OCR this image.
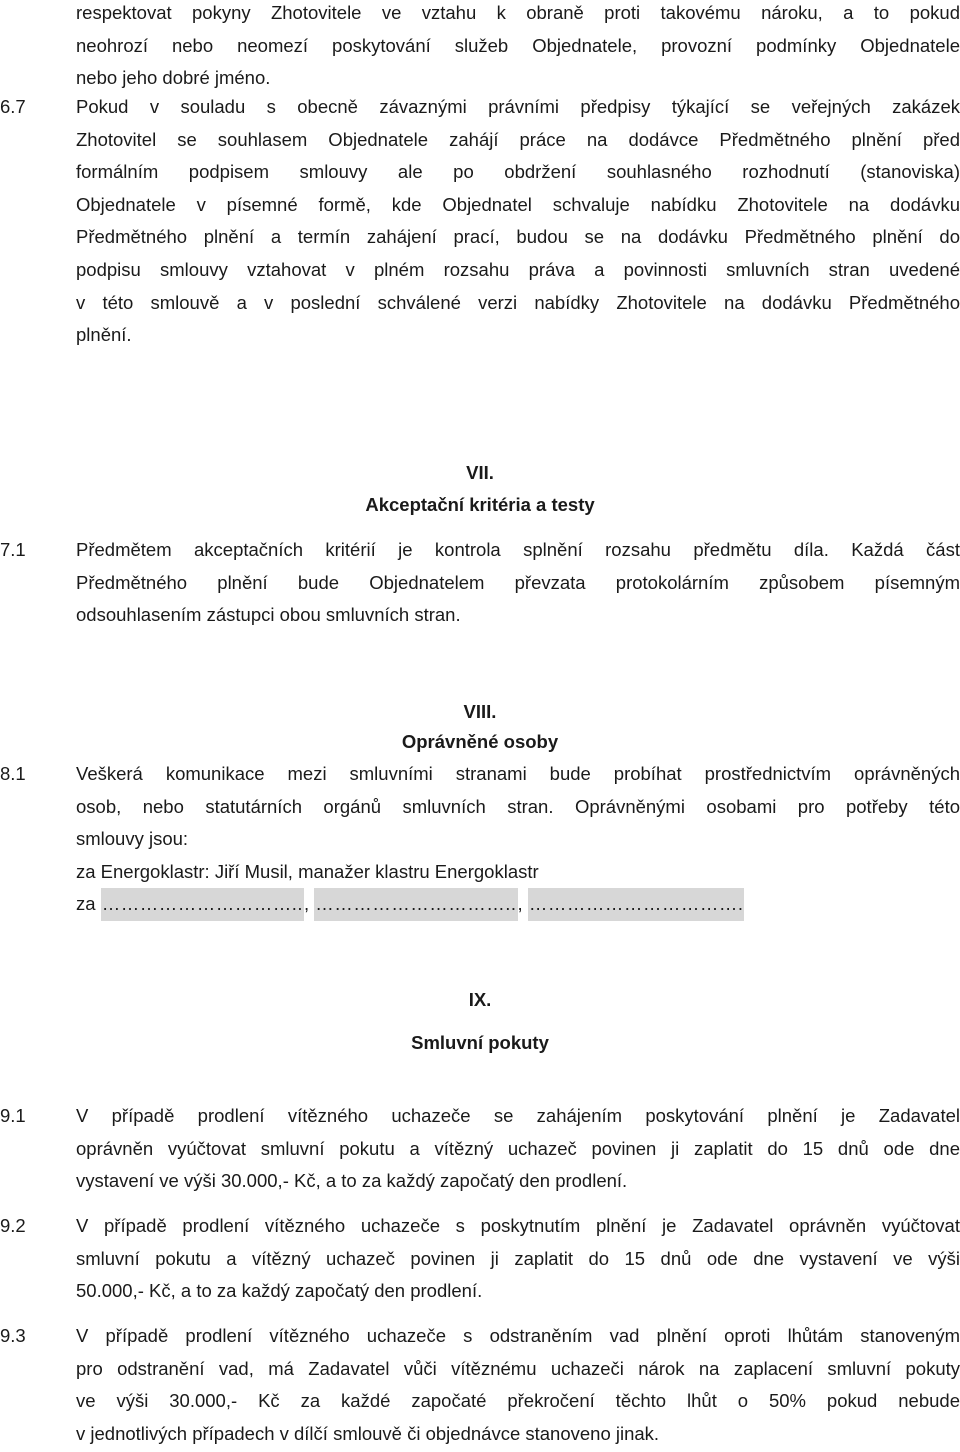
respektovat pokyny Zhotovitele ve vztahu k obraně proti takovému nároku, a to pokud
neohrozí nebo neomezí poskytování služeb Objednatele, provozní podmínky Objednatele
nebo jeho dobré jméno.
6.7	Pokud v souladu s obecně závaznými právními předpisy týkající se veřejných zakázek
Zhotovitel se souhlasem Objednatele zahájí práce na dodávce Předmětného plnění před
formálním podpisem smlouvy ale po obdržení souhlasného rozhodnutí (stanoviska)
Objednatele v písemné formě, kde Objednatel schvaluje nabídku Zhotovitele na dodávku
Předmětného plnění a termín zahájení prací, budou se na dodávku Předmětného plnění do
podpisu smlouvy vztahovat v plném rozsahu práva a povinnosti smluvních stran uvedené
v této smlouvě a v poslední schválené verzi nabídky Zhotovitele na dodávku Předmětného
plnění.
VII.
Akceptační kritéria a testy
7.1	Předmětem akceptačních kritérií je kontrola splnění rozsahu předmětu díla. Každá část
Předmětného plnění bude Objednatelem převzata protokolárním způsobem písemným
odsouhlasením zástupci obou smluvních stran.
VIII.
Oprávněné osoby
8.1	Veškerá komunikace mezi smluvními stranami bude probíhat prostřednictvím oprávněných
osob, nebo statutárních orgánů smluvních stran. Oprávněnými osobami pro potřeby této
smlouvy jsou:
za Energoklastr: Jiří Musil, manažer klastru Energoklastr
za ………………………….. , ………………………….. , …………………………….
IX.
Smluvní pokuty
9.1	V případě prodlení vítězného uchazeče se zahájením poskytování plnění je Zadavatel
oprávněn vyúčtovat smluvní pokutu a vítězný uchazeč povinen ji zaplatit do 15 dnů ode dne
vystavení ve výši 30.000,- Kč, a to za každý započatý den prodlení.
9.2	V případě prodlení vítězného uchazeče s poskytnutím plnění je Zadavatel oprávněn vyúčtovat
smluvní pokutu a vítězný uchazeč povinen ji zaplatit do 15 dnů ode dne vystavení ve výši
50.000,- Kč, a to za každý započatý den prodlení.
9.3	V případě prodlení vítězného uchazeče s odstraněním vad plnění oproti lhůtám stanoveným
pro odstranění vad, má Zadavatel vůči vítěznému uchazeči nárok na zaplacení smluvní pokuty
ve výši 30.000,- Kč za každé započaté překročení těchto lhůt o 50% pokud nebude
v jednotlivých případech v dílčí smlouvě či objednávce stanoveno jinak.
